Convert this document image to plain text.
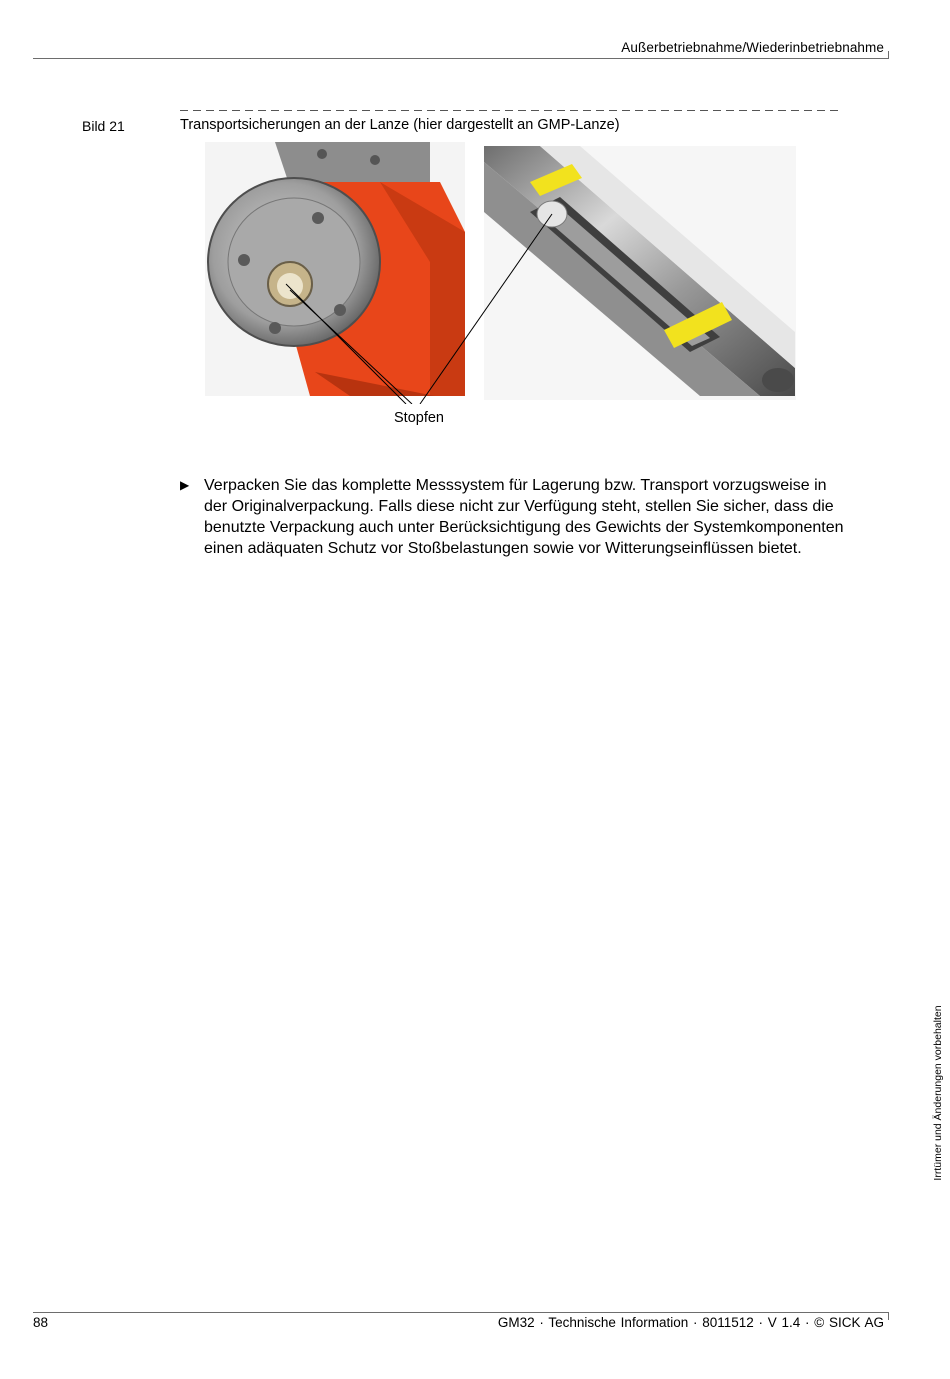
Außerbetriebnahme/Wiederinbetriebnahme
Bild 21	Transportsicherungen an der Lanze (hier dargestellt an GMP-Lanze)
Stopfen
▶ Verpacken Sie das komplette Messsystem für Lagerung bzw. Transport vorzugsweise in der Originalverpackung. Falls diese nicht zur Verfügung steht, stellen Sie sicher, dass die benutzte Verpackung auch unter Berücksichtigung des Gewichts der Systemkomponenten einen adäquaten Schutz vor Stoßbelastungen sowie vor Witterungseinflüssen bietet.
Irrtümer und Änderungen vorbehalten
88	GM32 · Technische Information · 8011512 · V 1.4 · © SICK AG
